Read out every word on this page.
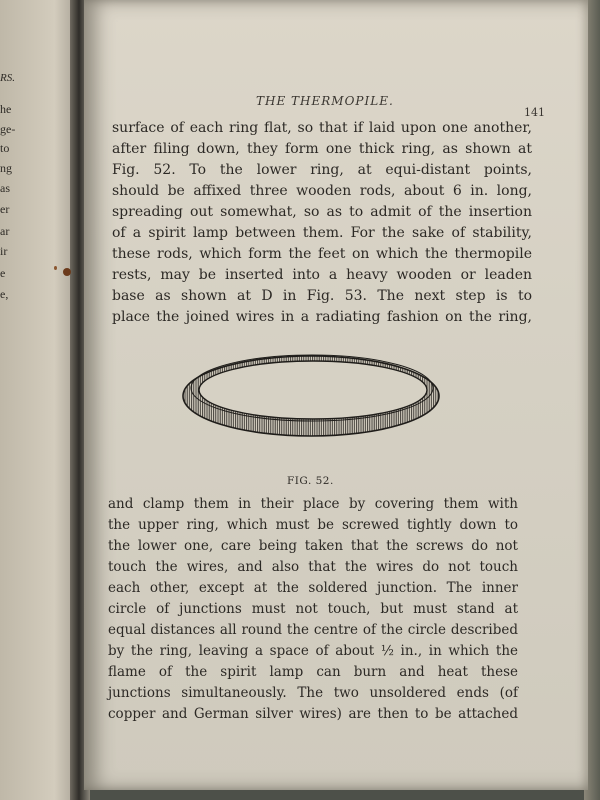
RS.
he
ge-
to
ng
as
er
ar
ir
e
e,
THE THERMOPILE.
141
surface of each ring flat, so that if laid upon one another,
after filing down, they form one thick ring, as shown at
Fig. 52. To the lower ring, at equi-distant points,
should be affixed three wooden rods, about 6 in. long,
spreading out somewhat, so as to admit of the insertion
of a spirit lamp between them. For the sake of stability,
these rods, which form the feet on which the thermopile
rests, may be inserted into a heavy wooden or leaden
base as shown at D in Fig. 53. The next step is to
place the joined wires in a radiating fashion on the ring,
FIG. 52.
and clamp them in their place by covering them with
the upper ring, which must be screwed tightly down to
the lower one, care being taken that the screws do not
touch the wires, and also that the wires do not touch
each other, except at the soldered junction. The inner
circle of junctions must not touch, but must stand at
equal distances all round the centre of the circle described
by the ring, leaving a space of about ½ in., in which the
flame of the spirit lamp can burn and heat these
junctions simultaneously. The two unsoldered ends (of
copper and German silver wires) are then to be attached
